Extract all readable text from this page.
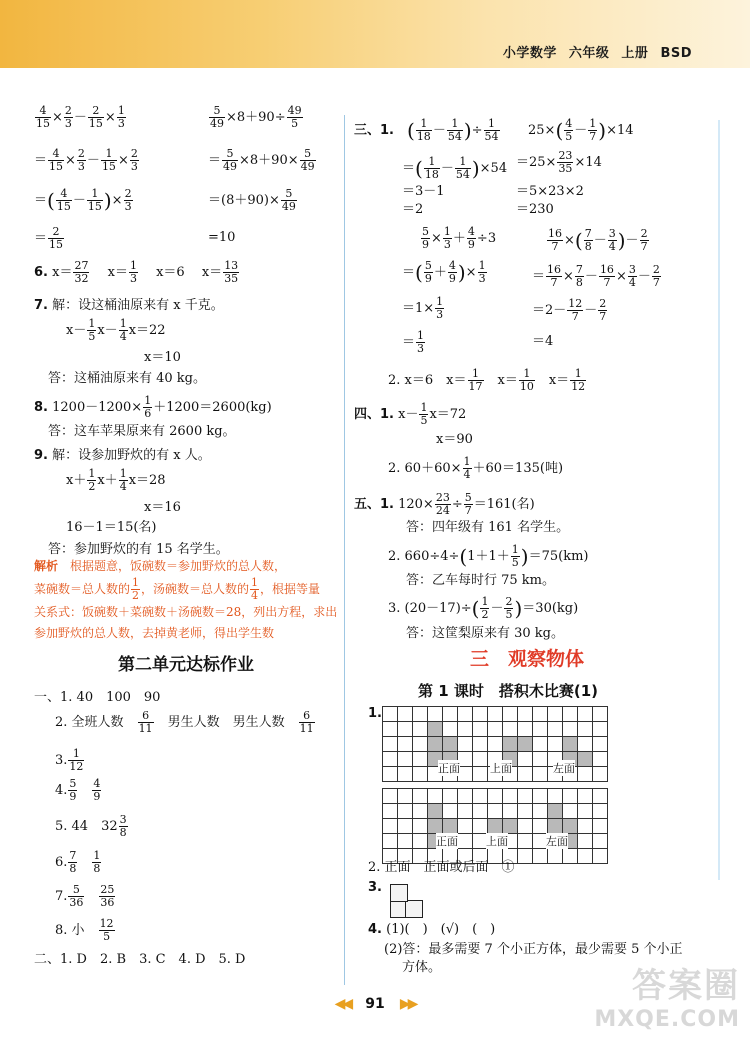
小学数学 六年级 上册 BSD
$\frac{4}{15} \times \frac{2}{3} - \frac{2}{15} \times \frac{1}{3}$
＝ $\frac{4}{15} \times \frac{2}{3} - \frac{1}{15} \times \frac{2}{3}$
＝( $\frac{4}{15} - \frac{1}{15}$ )× $\frac{2}{3}$
＝ $\frac{2}{15}$
$\frac{5}{49} \times 8+90\div \frac{49}{5}$
＝ $\frac{5}{49} \times 8+90\times \frac{5}{49}$
$=(8+90)\times \frac{5}{49}$
=10
6. $x= \frac{27}{32}$
　 $x= \frac{1}{3}$
　 x＝6 　 $x= \frac{13}{35}$
7. 解：设这桶油原来有 x 千克。
$x- \frac{1}{5} x- \frac{1}{4} x=22$
x＝10
答：这桶油原来有 40 kg。
8. $1200-1200\times \frac{1}{6} +1200=2600(kg)$
答：这车苹果原来有 2600 kg。
9. 解：设参加野炊的有 x 人。
$x+ \frac{1}{2} x+ \frac{1}{4} x=28$
x＝16
16－1＝15(名)
答：参加野炊的有 15 名学生。
解析　 根据题意，饭碗数＝参加野炊的总人数，
菜碗数＝总人数的 $\frac{1}{2}$ ，汤碗数＝总人数的 $\frac{1}{4}$ ，根据等量
关系式：饭碗数＋菜碗数＋汤碗数＝28，列出方程，求出
参加野炊的总人数，去掉黄老师，得出学生数
第二单元达标作业
一、1. 40　100　90
2. 全班人数　 $\frac{6}{11}$
　 男生人数　男生人数　 $\frac{6}{11}$
3. $\frac{1}{12}$
4. $\frac{5}{9}$
　 $\frac{4}{9}$
5. 44　$32 \frac{3}{8}$
6. $\frac{7}{8}$
　 $\frac{1}{8}$
7. $\frac{5}{36}$
　 $\frac{25}{36}$
8. 小　 $\frac{12}{5}$
二、1. D　2. B　3. C　4. D　5. D
三、1.　 ( $\frac{1}{18} - \frac{1}{54}$ )÷ $\frac{1}{54}$
＝( $\frac{1}{18} - \frac{1}{54} )\times 54$
＝3－1
＝2
$25\times( \frac{4}{5} - \frac{1}{7} )\times 14$
$=25\times \frac{23}{35} \times 14$
＝5×23×2
＝230
$\frac{5}{9} \times \frac{1}{3} + \frac{4}{9} \div 3$
＝( $\frac{5}{9} + \frac{4}{9}$ )× $\frac{1}{3}$
$=1\times \frac{1}{3}$
＝ $\frac{1}{3}$
$\frac{16}{7}$ ×( $\frac{7}{8} - \frac{3}{4}$ )－ $\frac{2}{7}$
＝ $\frac{16}{7} \times \frac{7}{8} - \frac{16}{7} \times \frac{3}{4} - \frac{2}{7}$
$=2- \frac{12}{7} - \frac{2}{7}$
＝4
2. x＝6　$x= \frac{1}{17}$ 　$x= \frac{1}{10}$ 　$x= \frac{1}{12}$
四、1. $x- \frac{1}{5} x=72$
x＝90
2. $60+60\times \frac{1}{4} +60=135$(吨)
五、1. $120\times \frac{23}{24} \div \frac{5}{7} =161$(名)
答：四年级有 161 名学生。
2. $660\div 4\div(1+1+ \frac{1}{5} )=75(km)$
答：乙车每时行 75 km。
3. $(20-17)\div( \frac{1}{2} - \frac{2}{5} )=30(kg)$
答：这筐梨原来有 30 kg。
三　观察物体
第 1 课时　搭积木比赛(1)
1.

正面	上面	左面

正面	上面	左面
2. 正面　正面或后面　①
3.
4. (1)(　)　(√)　(　)
(2)答：最多需要 7 个小正方体，最少需要 5 个小正
方体。
◀◀ 91 ▶▶	答案圈
MXQE.COM
